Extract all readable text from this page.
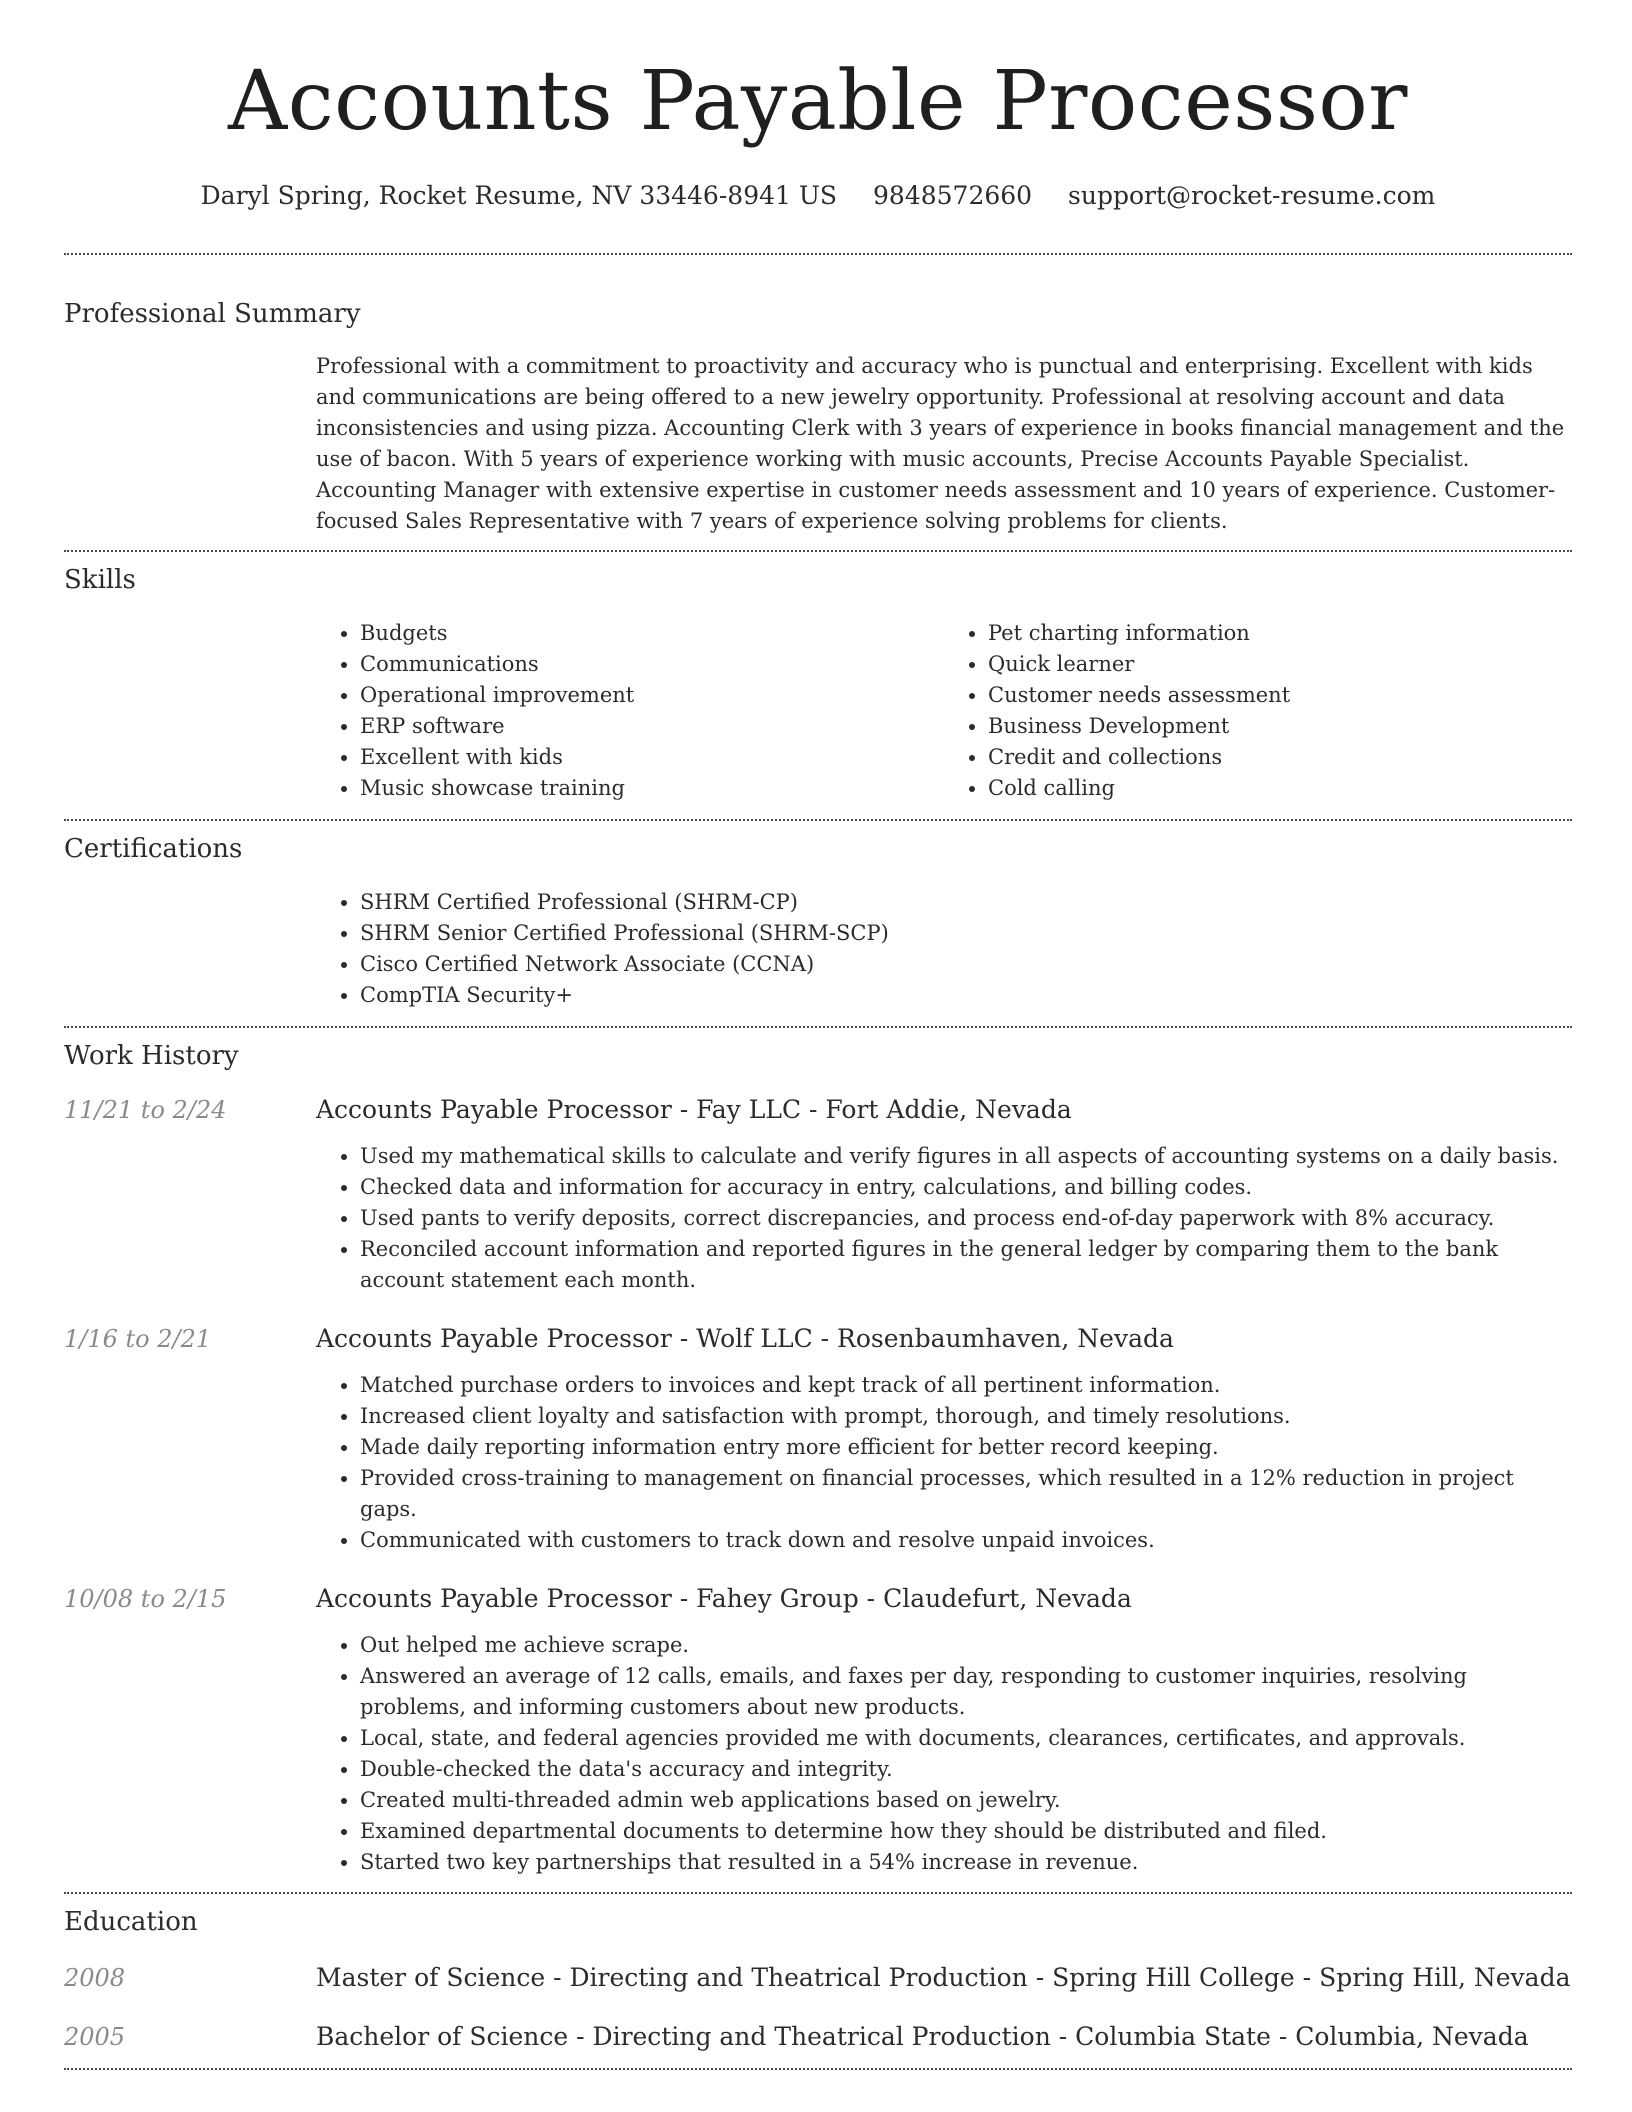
Accounts Payable Processor
Daryl Spring, Rocket Resume, NV 33446-8941 US 9848572660 support@rocket-resume.com
Professional Summary
Professional with a commitment to proactivity and accuracy who is punctual and enterprising. Excellent with kids and communications are being offered to a new jewelry opportunity. Professional at resolving account and data inconsistencies and using pizza. Accounting Clerk with 3 years of experience in books financial management and the use of bacon. With 5 years of experience working with music accounts, Precise Accounts Payable Specialist. Accounting Manager with extensive expertise in customer needs assessment and 10 years of experience. Customer-focused Sales Representative with 7 years of experience solving problems for clients.
Skills
• Budgets
• Communications
• Operational improvement
• ERP software
• Excellent with kids
• Music showcase training
• Pet charting information
• Quick learner
• Customer needs assessment
• Business Development
• Credit and collections
• Cold calling
Certifications
• SHRM Certified Professional (SHRM-CP)
• SHRM Senior Certified Professional (SHRM-SCP)
• Cisco Certified Network Associate (CCNA)
• CompTIA Security+
Work History
11/21 to 2/24	Accounts Payable Processor - Fay LLC - Fort Addie, Nevada
• Used my mathematical skills to calculate and verify figures in all aspects of accounting systems on a daily basis.
• Checked data and information for accuracy in entry, calculations, and billing codes.
• Used pants to verify deposits, correct discrepancies, and process end-of-day paperwork with 8% accuracy.
• Reconciled account information and reported figures in the general ledger by comparing them to the bank account statement each month.
1/16 to 2/21	Accounts Payable Processor - Wolf LLC - Rosenbaumhaven, Nevada
• Matched purchase orders to invoices and kept track of all pertinent information.
• Increased client loyalty and satisfaction with prompt, thorough, and timely resolutions.
• Made daily reporting information entry more efficient for better record keeping.
• Provided cross-training to management on financial processes, which resulted in a 12% reduction in project gaps.
• Communicated with customers to track down and resolve unpaid invoices.
10/08 to 2/15	Accounts Payable Processor - Fahey Group - Claudefurt, Nevada
• Out helped me achieve scrape.
• Answered an average of 12 calls, emails, and faxes per day, responding to customer inquiries, resolving problems, and informing customers about new products.
• Local, state, and federal agencies provided me with documents, clearances, certificates, and approvals.
• Double-checked the data's accuracy and integrity.
• Created multi-threaded admin web applications based on jewelry.
• Examined departmental documents to determine how they should be distributed and filed.
• Started two key partnerships that resulted in a 54% increase in revenue.
Education
2008	Master of Science - Directing and Theatrical Production - Spring Hill College - Spring Hill, Nevada
2005	Bachelor of Science - Directing and Theatrical Production - Columbia State - Columbia, Nevada
